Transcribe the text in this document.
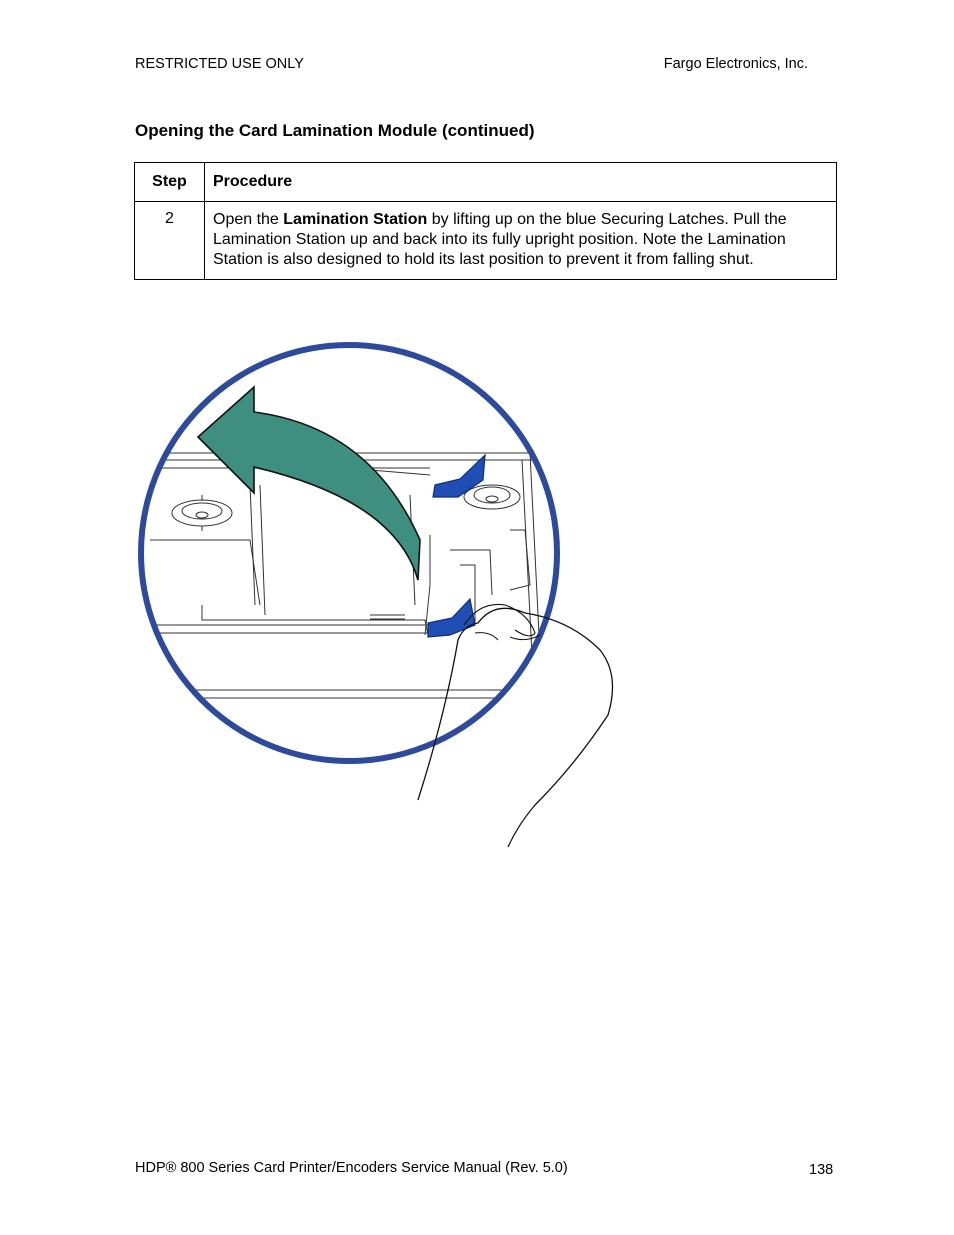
RESTRICTED USE ONLY	Fargo Electronics, Inc.
Opening the Card Lamination Module (continued)
Step	Procedure
2	Open the Lamination Station by lifting up on the blue Securing Latches. Pull the Lamination Station up and back into its fully upright position. Note the Lamination Station is also designed to hold its last position to prevent it from falling shut.
HDP® 800 Series Card Printer/Encoders Service Manual (Rev. 5.0)	138
